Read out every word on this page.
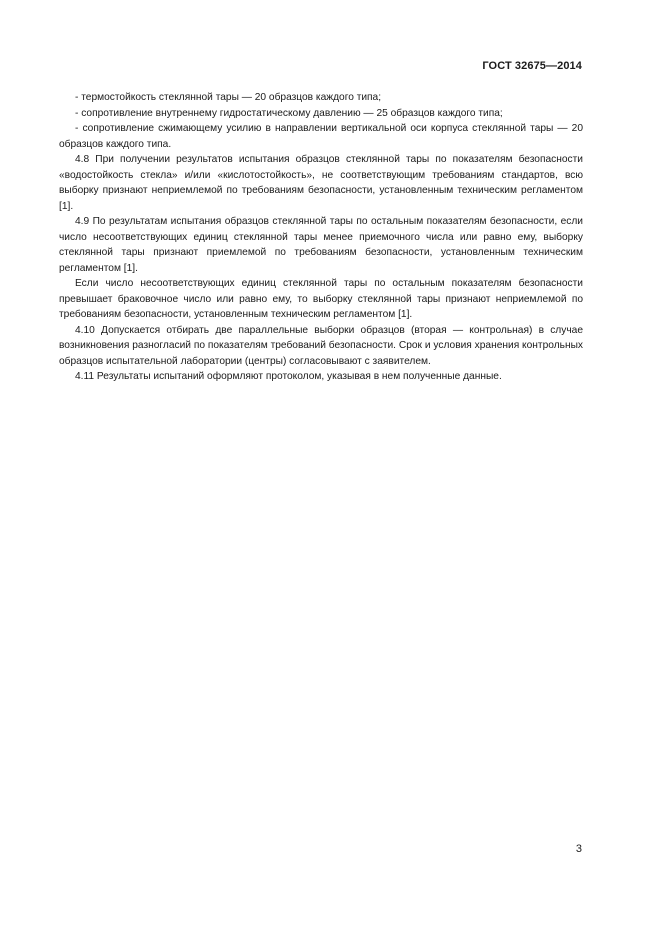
ГОСТ 32675—2014

- термостойкость стеклянной тары — 20 образцов каждого типа;

- сопротивление внутреннему гидростатическому давлению — 25 образцов каждого типа;

- сопротивление сжимающему усилию в направлении вертикальной оси корпуса стеклянной тары — 20 образцов каждого типа.

4.8 При получении результатов испытания образцов стеклянной тары по показателям безопасности «водостойкость стекла» и/или «кислотостойкость», не соответствующим требованиям стандартов, всю выборку признают неприемлемой по требованиям безопасности, установленным техническим регламентом [1].

4.9 По результатам испытания образцов стеклянной тары по остальным показателям безопасности, если число несоответствующих единиц стеклянной тары менее приемочного числа или равно ему, выборку стеклянной тары признают приемлемой по требованиям безопасности, установленным техническим регламентом [1].

Если число несоответствующих единиц стеклянной тары по остальным показателям безопасности превышает браковочное число или равно ему, то выборку стеклянной тары признают неприемлемой по требованиям безопасности, установленным техническим регламентом [1].

4.10 Допускается отбирать две параллельные выборки образцов (вторая — контрольная) в случае возникновения разногласий по показателям требований безопасности. Срок и условия хранения контрольных образцов испытательной лаборатории (центры) согласовывают с заявителем.

4.11 Результаты испытаний оформляют протоколом, указывая в нем полученные данные.

3
